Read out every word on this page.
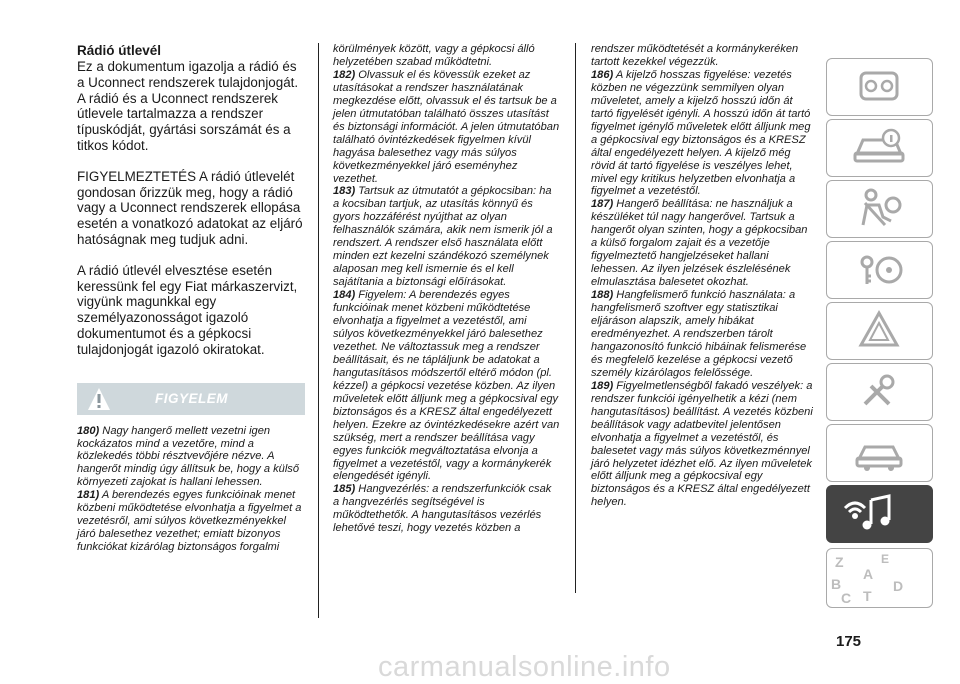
Rádió útlevél

Ez a dokumentum igazolja a rádió és a Uconnect rendszerek tulajdonjogát. A rádió és a Uconnect rendszerek útlevele tartalmazza a rendszer típuskódját, gyártási sorszámát és a titkos kódot.

FIGYELMEZTETÉS A rádió útlevelét gondosan őrizzük meg, hogy a rádió vagy a Uconnect rendszerek ellopása esetén a vonatkozó adatokat az eljáró hatóságnak meg tudjuk adni.

A rádió útlevél elvesztése esetén keressünk fel egy Fiat márkaszervizt, vigyünk magunkkal egy személyazonosságot igazoló dokumentumot és a gépkocsi tulajdonjogát igazoló okiratokat.

FIGYELEM

180) Nagy hangerő mellett vezetni igen kockázatos mind a vezetőre, mind a közlekedés többi résztvevőjére nézve. A hangerőt mindig úgy állítsuk be, hogy a külső környezeti zajokat is hallani lehessen.

181) A berendezés egyes funkcióinak menet közbeni működtetése elvonhatja a figyelmet a vezetésről, ami súlyos következményekkel járó balesethez vezethet; emiatt bizonyos funkciókat kizárólag biztonságos forgalmi

körülmények között, vagy a gépkocsi álló helyzetében szabad működtetni.

182) Olvassuk el és kövessük ezeket az utasításokat a rendszer használatának megkezdése előtt, olvassuk el és tartsuk be a jelen útmutatóban található összes utasítást és biztonsági információt. A jelen útmutatóban található óvintézkedések figyelmen kívül hagyása balesethez vagy más súlyos következményekkel járó eseményhez vezethet.

183) Tartsuk az útmutatót a gépkocsiban: ha a kocsiban tartjuk, az utasítás könnyű és gyors hozzáférést nyújthat az olyan felhasználók számára, akik nem ismerik jól a rendszert. A rendszer első használata előtt minden ezt kezelni szándékozó személynek alaposan meg kell ismernie és el kell sajátítania a biztonsági előírásokat.

184) Figyelem: A berendezés egyes funkcióinak menet közbeni működtetése elvonhatja a figyelmet a vezetéstől, ami súlyos következményekkel járó balesethez vezethet. Ne változtassuk meg a rendszer beállításait, és ne tápláljunk be adatokat a hangutasításos módszertől eltérő módon (pl. kézzel) a gépkocsi vezetése közben. Az ilyen műveletek előtt álljunk meg a gépkocsival egy biztonságos és a KRESZ által engedélyezett helyen. Ezekre az óvintézkedésekre azért van szükség, mert a rendszer beállítása vagy egyes funkciók megváltoztatása elvonja a figyelmet a vezetéstől, vagy a kormánykerék elengedését igényli.

185) Hangvezérlés: a rendszerfunkciók csak a hangvezérlés segítségével is működtethetők. A hangutasításos vezérlés lehetővé teszi, hogy vezetés közben a

rendszer működtetését a kormánykeréken tartott kezekkel végezzük.

186) A kijelző hosszas figyelése: vezetés közben ne végezzünk semmilyen olyan műveletet, amely a kijelző hosszú időn át tartó figyelését igényli. A hosszú időn át tartó figyelmet igénylő műveletek előtt álljunk meg a gépkocsival egy biztonságos és a KRESZ által engedélyezett helyen. A kijelző még rövid át tartó figyelése is veszélyes lehet, mivel egy kritikus helyzetben elvonhatja a figyelmet a vezetéstől.

187) Hangerő beállítása: ne használjuk a készüléket túl nagy hangerővel. Tartsuk a hangerőt olyan szinten, hogy a gépkocsiban a külső forgalom zajait és a vezetője figyelmeztető hangjelzéseket hallani lehessen. Az ilyen jelzések észlelésének elmulasztása balesetet okozhat.

188) Hangfelismerő funkció használata: a hangfelismerő szoftver egy statisztikai eljáráson alapszik, amely hibákat eredményezhet. A rendszerben tárolt hangazonosító funkció hibáinak felismerése és megfelelő kezelése a gépkocsi vezető személy kizárólagos felelőssége.

189) Figyelmetlenségből fakadó veszélyek: a rendszer funkciói igényelhetik a kézi (nem hangutasításos) beállítást. A vezetés közbeni beállítások vagy adatbevitel jelentősen elvonhatja a figyelmet a vezetéstől, és balesetet vagy más súlyos következménnyel járó helyzetet idézhet elő. Az ilyen műveletek előtt álljunk meg a gépkocsival egy biztonságos és a KRESZ által engedélyezett helyen.

Z	E
B
C
D
T
A
175
carmanualsonline.info
